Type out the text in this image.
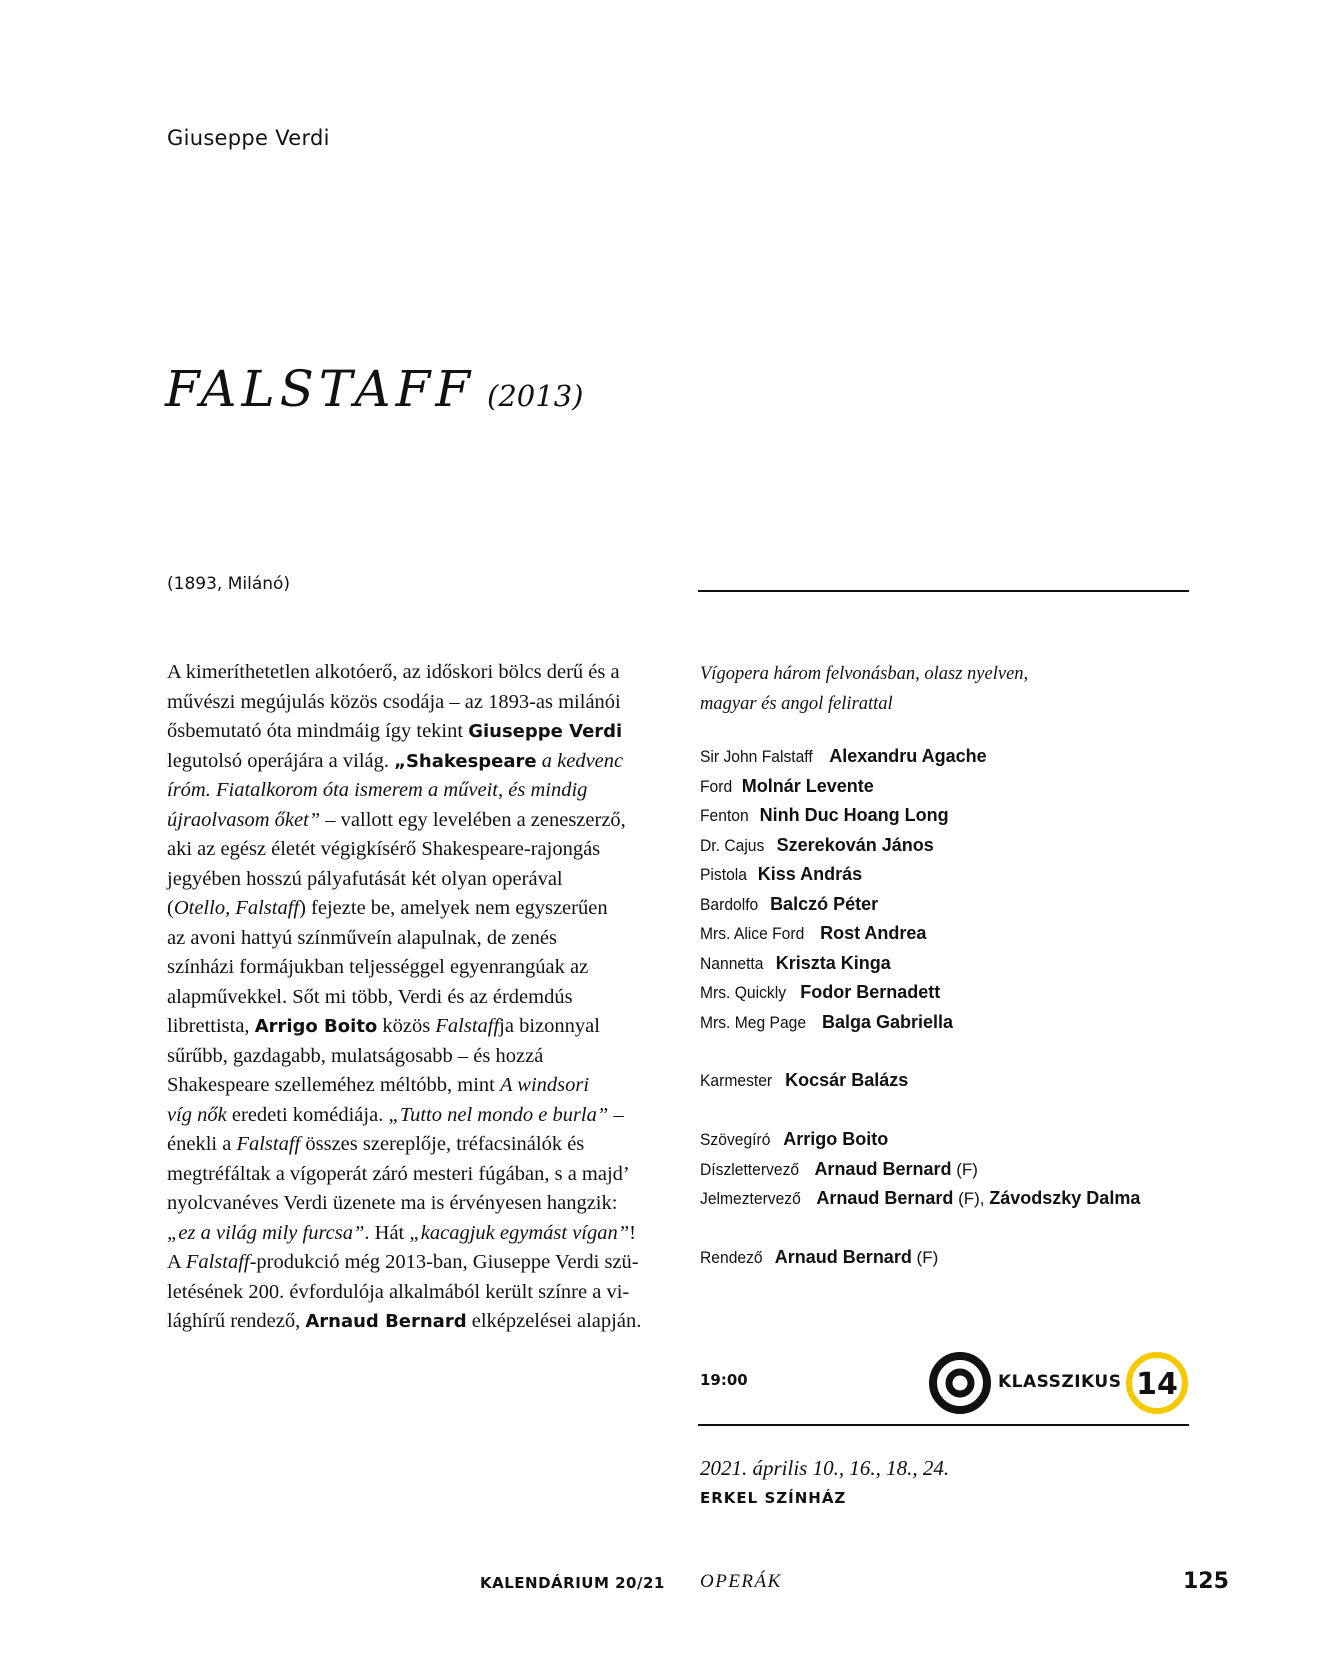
Giuseppe Verdi
FALSTAFF (2013)
(1893, Milánó)

A kimeríthetetlen alkotóerő, az időskori bölcs derű és a

művészi megújulás közös csodája – az 1893-as milánói

ősbemutató óta mindmáig így tekint Giuseppe Verdi

legutolsó operájára a világ. „Shakespeare a kedvenc

íróm. Fiatalkorom óta ismerem a műveit, és mindig

újraolvasom őket” – vallott egy levelében a zeneszerző,

aki az egész életét végigkísérő Shakespeare-rajongás

jegyében hosszú pályafutását két olyan operával

(Otello, Falstaff) fejezte be, amelyek nem egyszerűen

az avoni hattyú színműveín alapulnak, de zenés

színházi formájukban teljességgel egyenrangúak az

alapművekkel. Sőt mi több, Verdi és az érdemdús

librettista, Arrigo Boito közös Falstaffja bizonnyal

sűrűbb, gazdagabb, mulatságosabb – és hozzá

Shakespeare szelleméhez méltóbb, mint A windsori

víg nők eredeti komédiája. „Tutto nel mondo e burla” –

énekli a Falstaff összes szereplője, tréfacsinálók és

megtréfáltak a vígoperát záró mesteri fúgában, s a majd’

nyolcvanéves Verdi üzenete ma is érvényesen hangzik:

„ez a világ mily furcsa”. Hát „kacagjuk egymást vígan”!

A Falstaff-produkció még 2013-ban, Giuseppe Verdi szü-

letésének 200. évfordulója alkalmából került színre a vi-

lághírű rendező, Arnaud Bernard elképzelései alapján.

Vígopera három felvonásban, olasz nyelven,

magyar és angol felirattal

Sir John Falstaff Alexandru Agache
Ford Molnár Levente
Fenton Ninh Duc Hoang Long
Dr. Cajus Szerekován János
Pistola Kiss András
Bardolfo Balczó Péter
Mrs. Alice Ford Rost Andrea
Nannetta Kriszta Kinga
Mrs. Quickly Fodor Bernadett
Mrs. Meg Page Balga Gabriella
Karmester Kocsár Balázs
Szövegíró Arrigo Boito
Díszlettervező Arnaud Bernard (F)
Jelmeztervező Arnaud Bernard (F), Závodszky Dalma
Rendező Arnaud Bernard (F)
19:00	KLASSZIKUS 14
2021. április 10., 16., 18., 24.
ERKEL SZÍNHÁZ
KALENDÁRIUM 20/21 OPERÁK	125
